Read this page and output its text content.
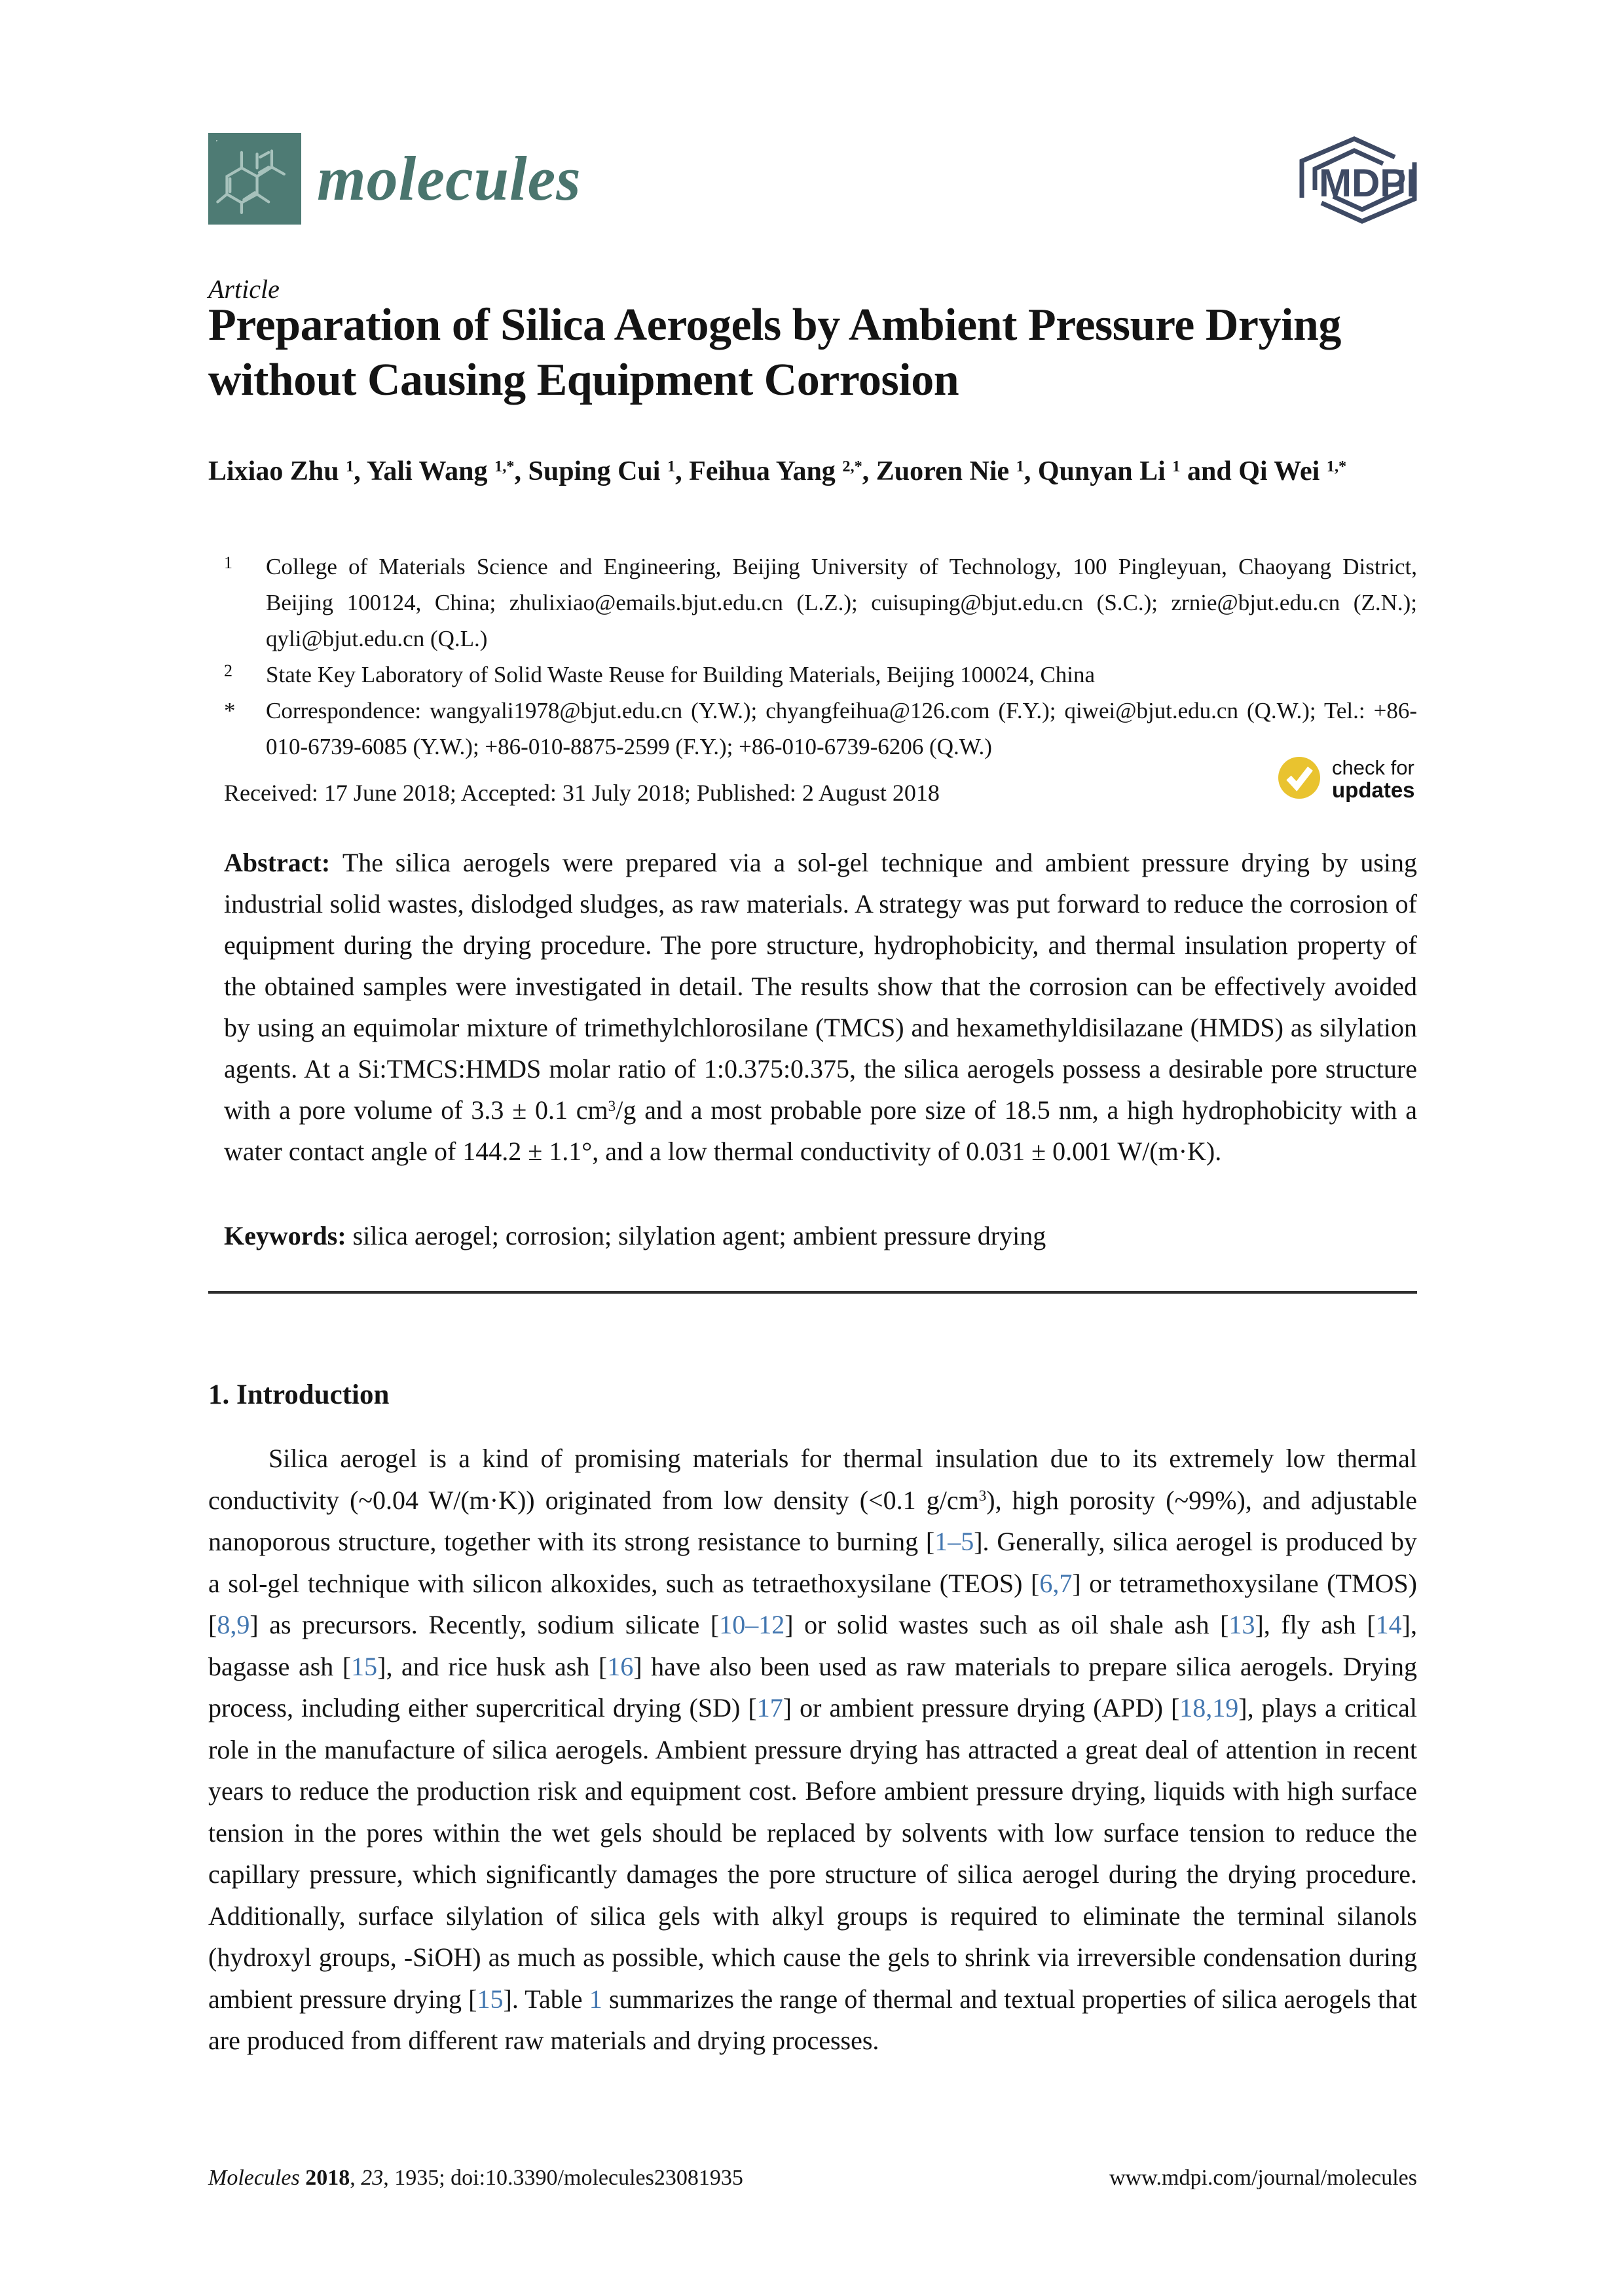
molecules	MDPI
Article
Preparation of Silica Aerogels by Ambient Pressure Drying without Causing Equipment Corrosion
Lixiao Zhu $^1$, Yali Wang $^{1,*}$, Suping Cui $^1$, Feihua Yang $^{2,*}$, Zuoren Nie $^1$, Qunyan Li $^1$ and Qi Wei $^{1,*}$
1	College of Materials Science and Engineering, Beijing University of Technology, 100 Pingleyuan, Chaoyang District, Beijing 100124, China; zhulixiao@emails.bjut.edu.cn (L.Z.); cuisuping@bjut.edu.cn (S.C.); zrnie@bjut.edu.cn (Z.N.); qyli@bjut.edu.cn (Q.L.)
2	State Key Laboratory of Solid Waste Reuse for Building Materials, Beijing 100024, China
*	Correspondence: wangyali1978@bjut.edu.cn (Y.W.); chyangfeihua@126.com (F.Y.); qiwei@bjut.edu.cn (Q.W.); Tel.: +86-010-6739-6085 (Y.W.); +86-010-8875-2599 (F.Y.); +86-010-6739-6206 (Q.W.)
Received: 17 June 2018; Accepted: 31 July 2018; Published: 2 August 2018
check for
updates
Abstract: The silica aerogels were prepared via a sol-gel technique and ambient pressure drying by using industrial solid wastes, dislodged sludges, as raw materials. A strategy was put forward to reduce the corrosion of equipment during the drying procedure. The pore structure, hydrophobicity, and thermal insulation property of the obtained samples were investigated in detail. The results show that the corrosion can be effectively avoided by using an equimolar mixture of trimethylchlorosilane (TMCS) and hexamethyldisilazane (HMDS) as silylation agents. At a Si:TMCS:HMDS molar ratio of 1:0.375:0.375, the silica aerogels possess a desirable pore structure with a pore volume of 3.3 ± 0.1 $cm^3/g$ and a most probable pore size of 18.5 nm, a high hydrophobicity with a water contact angle of 144.2 ± 1.1°, and a low thermal conductivity of 0.031 ± 0.001 W/(m·K).
Keywords: silica aerogel; corrosion; silylation agent; ambient pressure drying
1. Introduction
Silica aerogel is a kind of promising materials for thermal insulation due to its extremely low thermal conductivity (~0.04 W/(m·K)) originated from low density (<0.1 $g/cm^3$), high porosity (~99%), and adjustable nanoporous structure, together with its strong resistance to burning [1–5]. Generally, silica aerogel is produced by a sol-gel technique with silicon alkoxides, such as tetraethoxysilane (TEOS) [6,7] or tetramethoxysilane (TMOS) [8,9] as precursors. Recently, sodium silicate [10–12] or solid wastes such as oil shale ash [13], fly ash [14], bagasse ash [15], and rice husk ash [16] have also been used as raw materials to prepare silica aerogels. Drying process, including either supercritical drying (SD) [17] or ambient pressure drying (APD) [18,19], plays a critical role in the manufacture of silica aerogels. Ambient pressure drying has attracted a great deal of attention in recent years to reduce the production risk and equipment cost. Before ambient pressure drying, liquids with high surface tension in the pores within the wet gels should be replaced by solvents with low surface tension to reduce the capillary pressure, which significantly damages the pore structure of silica aerogel during the drying procedure. Additionally, surface silylation of silica gels with alkyl groups is required to eliminate the terminal silanols (hydroxyl groups, -SiOH) as much as possible, which cause the gels to shrink via irreversible condensation during ambient pressure drying [15]. Table 1 summarizes the range of thermal and textual properties of silica aerogels that are produced from different raw materials and drying processes.
Molecules 2018, 23, 1935; doi:10.3390/molecules23081935	www.mdpi.com/journal/molecules
